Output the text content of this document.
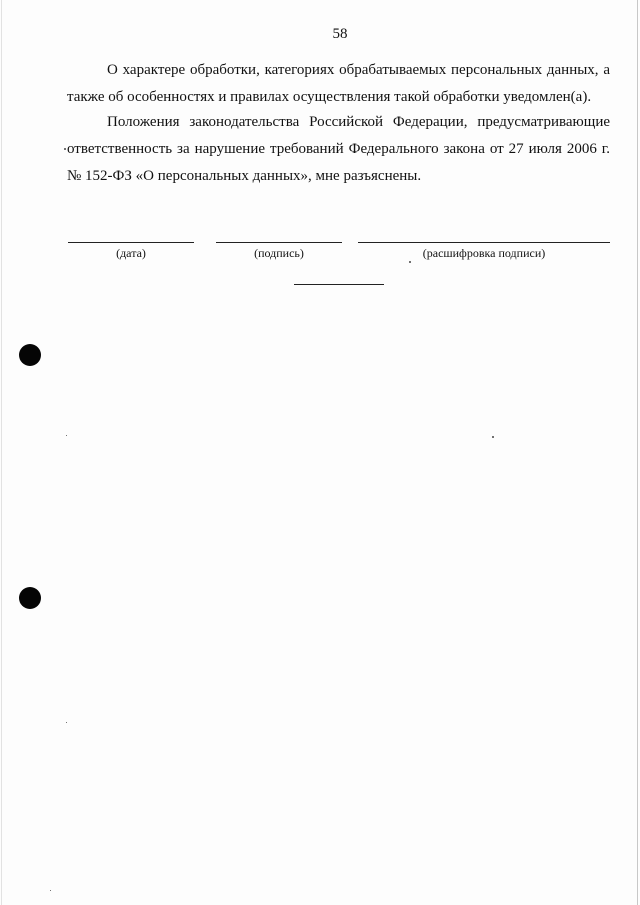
58
О характере обработки, категориях обрабатываемых персональных данных, а также об особенностях и правилах осуществления такой обработки уведомлен(а).
Положения законодательства Российской Федерации, предусматривающие ответственность за нарушение требований Федерального закона от 27 июля 2006 г. № 152-ФЗ «О персональных данных», мне разъяснены.
(дата)	(подпись)	(расшифровка подписи)
